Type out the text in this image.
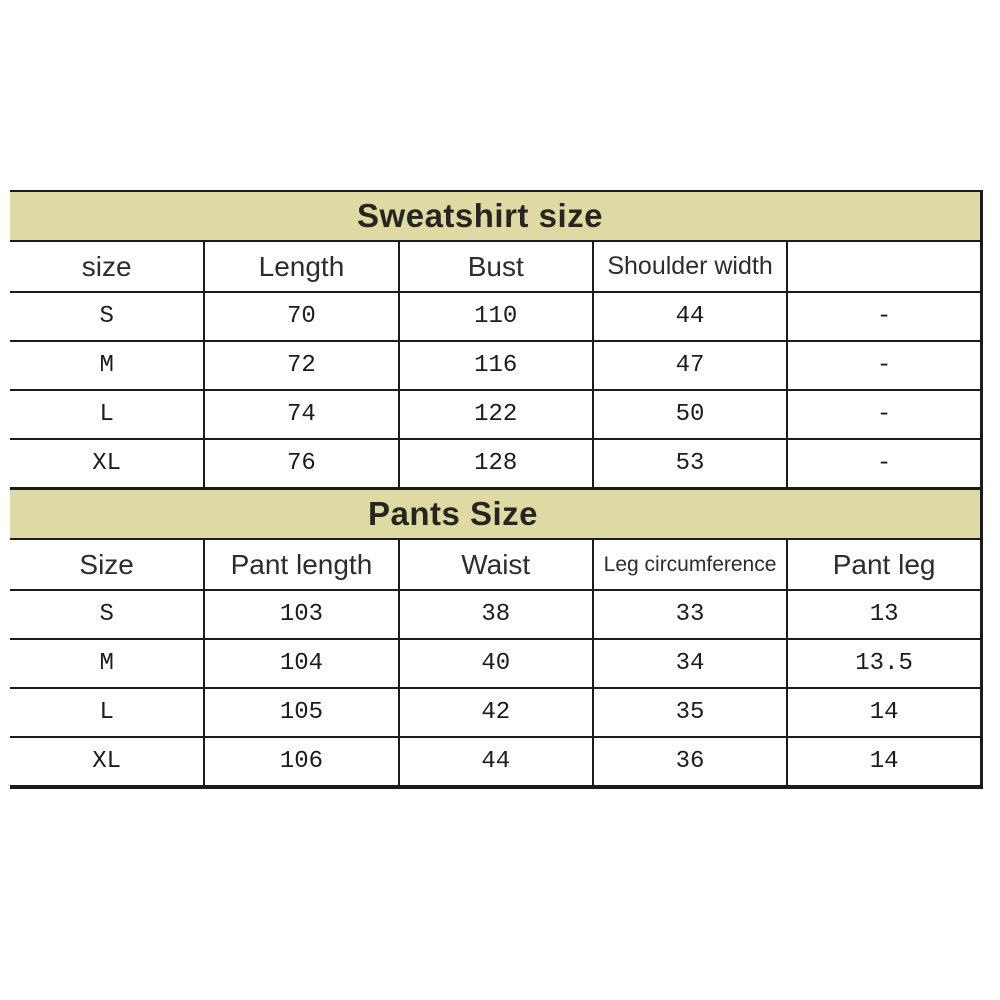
Sweatshirt size				
size	Length	Bust	Shoulder width	
S	70	110	44	-
M	72	116	47	-
L	74	122	50	-
XL	76	128	53	-
Pants Size				
Size	Pant length	Waist	Leg circumference	Pant leg
S	103	38	33	13
M	104	40	34	13.5
L	105	42	35	14
XL	106	44	36	14
